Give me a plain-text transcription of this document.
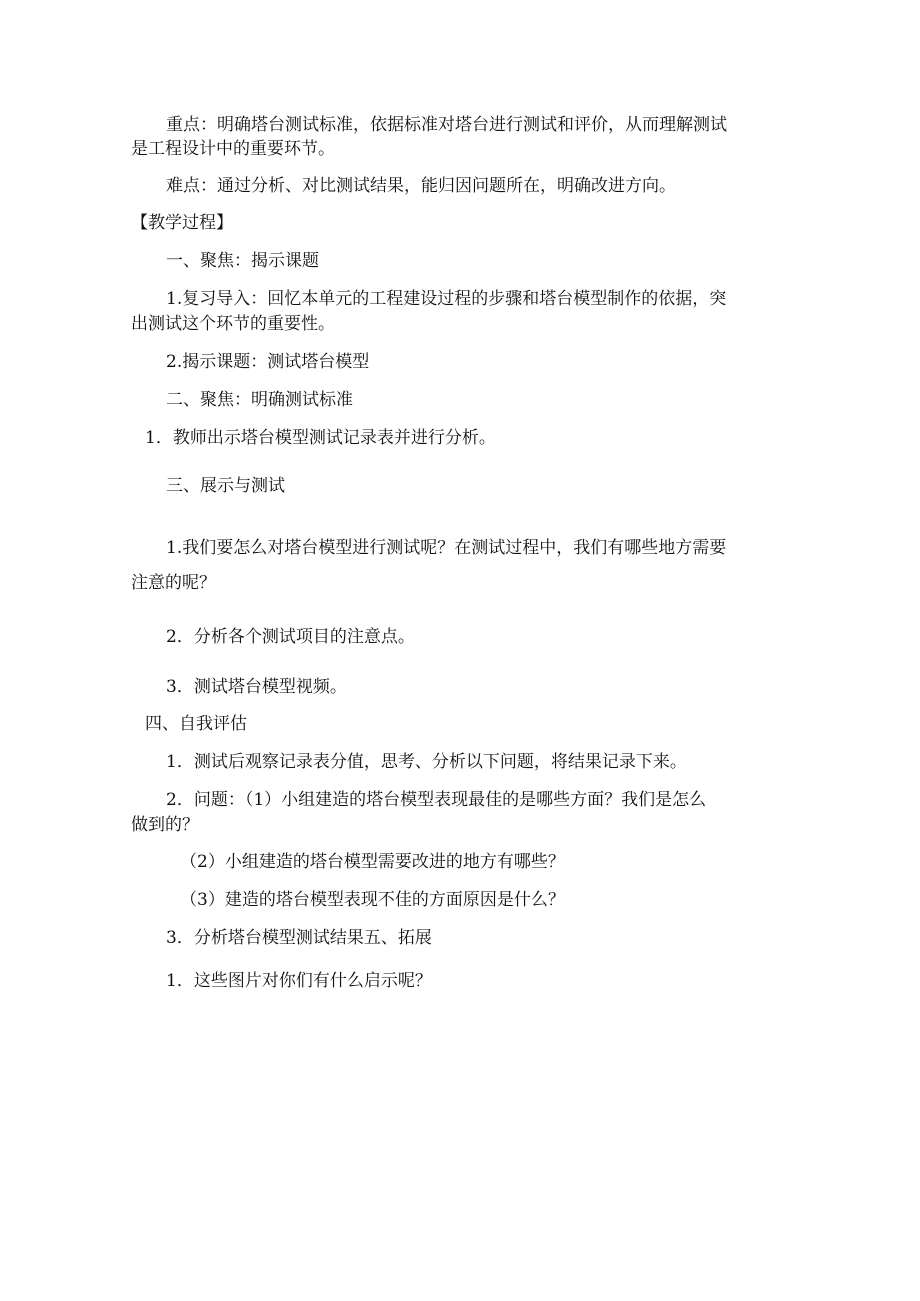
重点：明确塔台测试标准，依据标准对塔台进行测试和评价，从而理解测试

是工程设计中的重要环节。

难点：通过分析、对比测试结果，能归因问题所在，明确改进方向。

【教学过程】

一、聚焦：揭示课题

1.复习导入：回忆本单元的工程建设过程的步骤和塔台模型制作的依据，突

出测试这个环节的重要性。

2.揭示课题：测试塔台模型

二、聚焦：明确测试标准

1．教师出示塔台模型测试记录表并进行分析。

三、展示与测试

1.我们要怎么对塔台模型进行测试呢？在测试过程中，我们有哪些地方需要

注意的呢？

2．分析各个测试项目的注意点。

3．测试塔台模型视频。

四、自我评估

1．测试后观察记录表分值，思考、分析以下问题，将结果记录下来。

2．问题：（1）小组建造的塔台模型表现最佳的是哪些方面？我们是怎么

做到的？

（2）小组建造的塔台模型需要改进的地方有哪些？

（3）建造的塔台模型表现不佳的方面原因是什么？

3．分析塔台模型测试结果五、拓展

1．这些图片对你们有什么启示呢？
